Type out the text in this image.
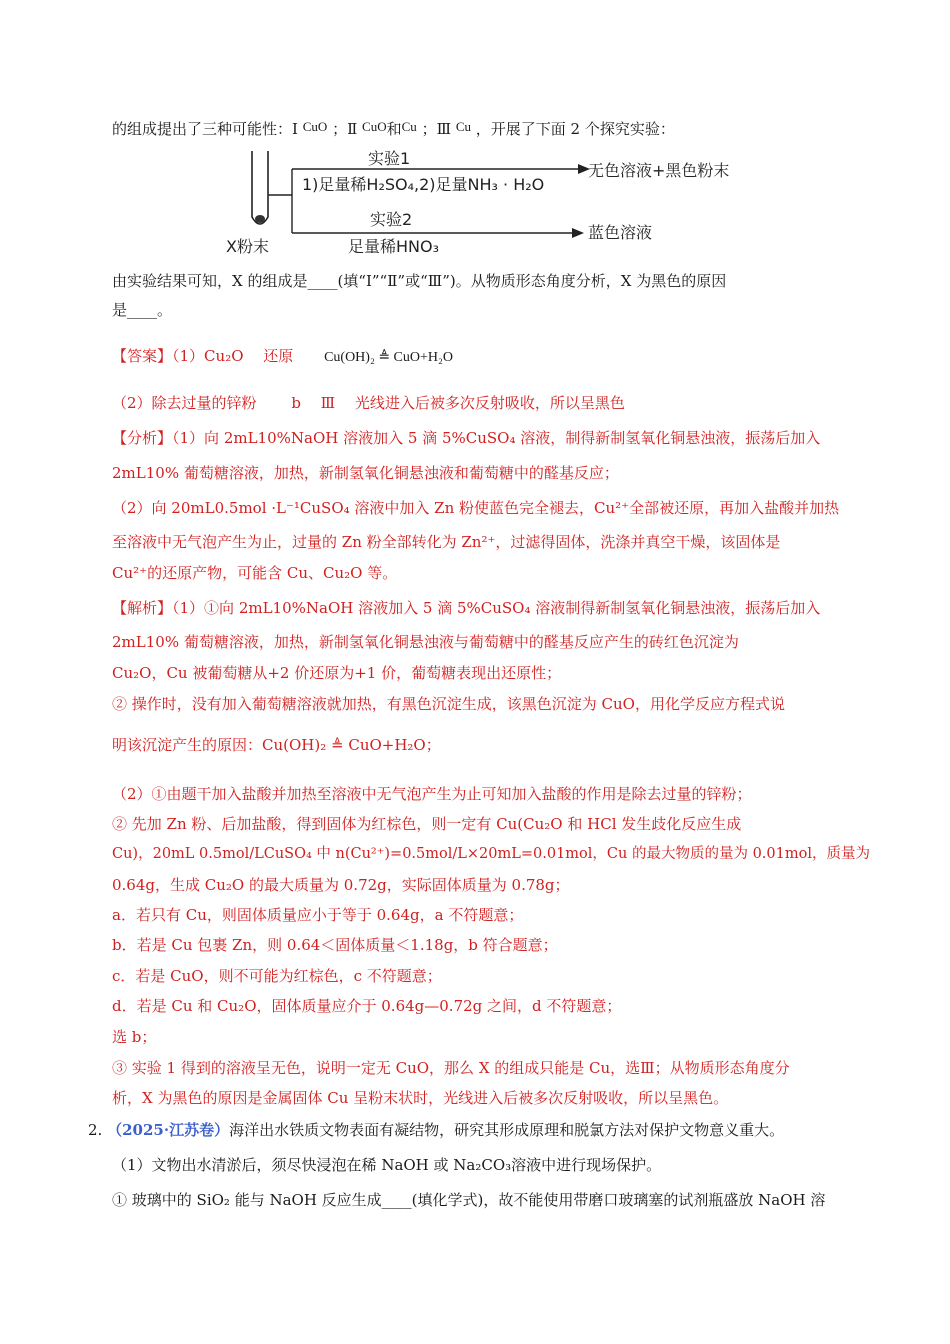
的组成提出了三种可能性：Ⅰ CuO ；Ⅱ CuO和Cu ；Ⅲ Cu ，开展了下面 2 个探究实验：
实验1
1)足量稀H₂SO₄,2)足量NH₃ · H₂O
无色溶液+黑色粉末
实验2
足量稀HNO₃
蓝色溶液
X粉末
由实验结果可知，X 的组成是____(填“Ⅰ”“Ⅱ”或“Ⅲ”)。从物质形态角度分析，X 为黑色的原因
是____。
【答案】（1）Cu₂O　 还原 Cu(OH)₂ ≜ CuO+H₂O
（2）除去过量的锌粉　　 b　 Ⅲ　 光线进入后被多次反射吸收，所以呈黑色
【分析】（1）向 2mL10%NaOH 溶液加入 5 滴 5%CuSO₄ 溶液，制得新制氢氧化铜悬浊液，振荡后加入
2mL10% 葡萄糖溶液，加热，新制氢氧化铜悬浊液和葡萄糖中的醛基反应；
（2）向 20mL0.5mol ·L⁻¹CuSO₄ 溶液中加入 Zn 粉使蓝色完全褪去，Cu²⁺全部被还原，再加入盐酸并加热
至溶液中无气泡产生为止，过量的 Zn 粉全部转化为 Zn²⁺，过滤得固体，洗涤并真空干燥，该固体是
Cu²⁺的还原产物，可能含 Cu、Cu₂O 等。
【解析】（1）①向 2mL10%NaOH 溶液加入 5 滴 5%CuSO₄ 溶液制得新制氢氧化铜悬浊液，振荡后加入
2mL10% 葡萄糖溶液，加热，新制氢氧化铜悬浊液与葡萄糖中的醛基反应产生的砖红色沉淀为
Cu₂O，Cu 被葡萄糖从+2 价还原为+1 价，葡萄糖表现出还原性；
② 操作时，没有加入葡萄糖溶液就加热，有黑色沉淀生成，该黑色沉淀为 CuO，用化学反应方程式说
明该沉淀产生的原因：Cu(OH)₂ ≜ CuO+H₂O；
（2）①由题干加入盐酸并加热至溶液中无气泡产生为止可知加入盐酸的作用是除去过量的锌粉；
② 先加 Zn 粉、后加盐酸，得到固体为红棕色，则一定有 Cu(Cu₂O 和 HCl 发生歧化反应生成
Cu)，20mL 0.5mol/LCuSO₄ 中 n(Cu²⁺)=0.5mol/L×20mL=0.01mol，Cu 的最大物质的量为 0.01mol，质量为
0.64g，生成 Cu₂O 的最大质量为 0.72g，实际固体质量为 0.78g；
a．若只有 Cu，则固体质量应小于等于 0.64g，a 不符题意；
b．若是 Cu 包裹 Zn，则 0.64＜固体质量＜1.18g，b 符合题意；
c．若是 CuO，则不可能为红棕色，c 不符题意；
d．若是 Cu 和 Cu₂O，固体质量应介于 0.64g—0.72g 之间，d 不符题意；
选 b；
③ 实验 1 得到的溶液呈无色，说明一定无 CuO，那么 X 的组成只能是 Cu，选Ⅲ；从物质形态角度分
析，X 为黑色的原因是金属固体 Cu 呈粉末状时，光线进入后被多次反射吸收，所以呈黑色。
2. （2025·江苏卷）海洋出水铁质文物表面有凝结物，研究其形成原理和脱氯方法对保护文物意义重大。
（1）文物出水清淤后，须尽快浸泡在稀 NaOH 或 Na₂CO₃溶液中进行现场保护。
① 玻璃中的 SiO₂ 能与 NaOH 反应生成____(填化学式)，故不能使用带磨口玻璃塞的试剂瓶盛放 NaOH 溶
